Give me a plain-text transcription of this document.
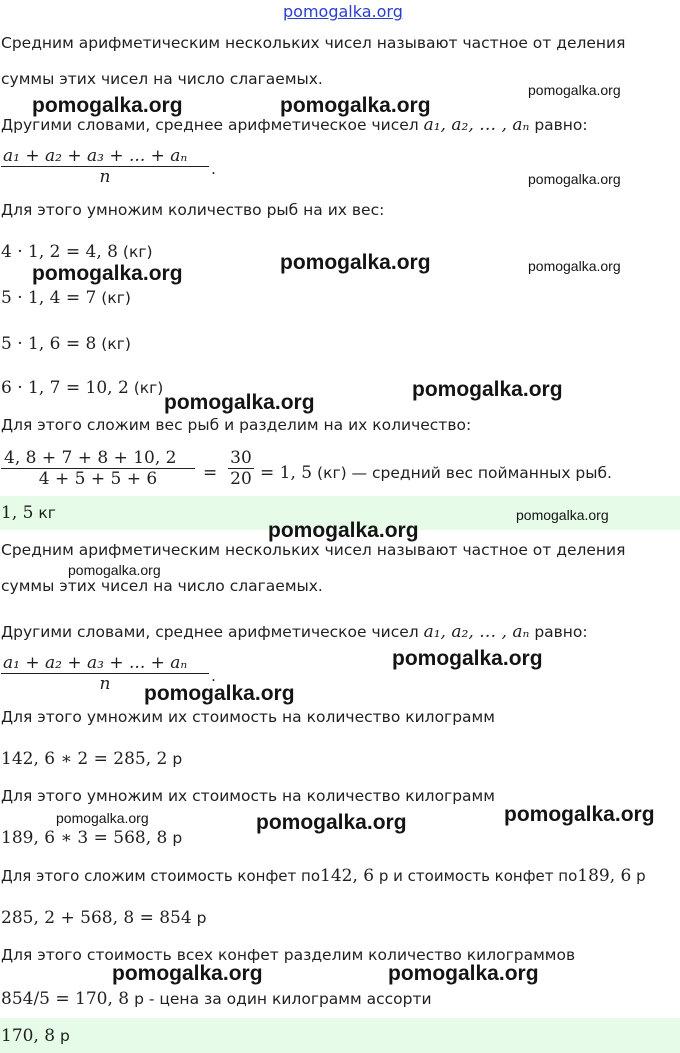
pomogalka.org
Средним арифметическим нескольких чисел называют частное от деления
суммы этих чисел на число слагаемых.
Другими словами, среднее арифметическое чисел a₁, a₂, … , aₙ равно:
a₁ + a₂ + a₃ + ... + aₙ
n	.
Для этого умножим количество рыб на их вес:
4 · 1, 2 = 4, 8 (кг)
5 · 1, 4 = 7 (кг)
5 · 1, 6 = 8 (кг)
6 · 1, 7 = 10, 2 (кг)
Для этого сложим вес рыб и разделим на их количество:
4, 8 + 7 + 8 + 10, 2
4 + 5 + 5 + 6	=
30
20 = 1, 5 (кг) — средний вес пойманных рыб.
1, 5 кг
Средним арифметическим нескольких чисел называют частное от деления
суммы этих чисел на число слагаемых.
Другими словами, среднее арифметическое чисел a₁, a₂, … , aₙ равно:
a₁ + a₂ + a₃ + ... + aₙ
n	.
Для этого умножим их стоимость на количество килограмм
142, 6 ∗ 2 = 285, 2 р
Для этого умножим их стоимость на количество килограмм
189, 6 ∗ 3 = 568, 8 р
Для этого сложим стоимость конфет по142, 6 р и стоимость конфет по189, 6 р
285, 2 + 568, 8 = 854 р
Для этого стоимость всех конфет разделим количество килограммов
854/5 = 170, 8 р - цена за один килограмм ассорти
170, 8 р
pomogalka.org	pomogalka.org
pomogalka.org
pomogalka.org
pomogalka.org	pomogalka.org	pomogalka.org
pomogalka.org
pomogalka.org
pomogalka.org
pomogalka.org
pomogalka.org
pomogalka.org
pomogalka.org
pomogalka.org
pomogalka.org	pomogalka.org
pomogalka.org	pomogalka.org
